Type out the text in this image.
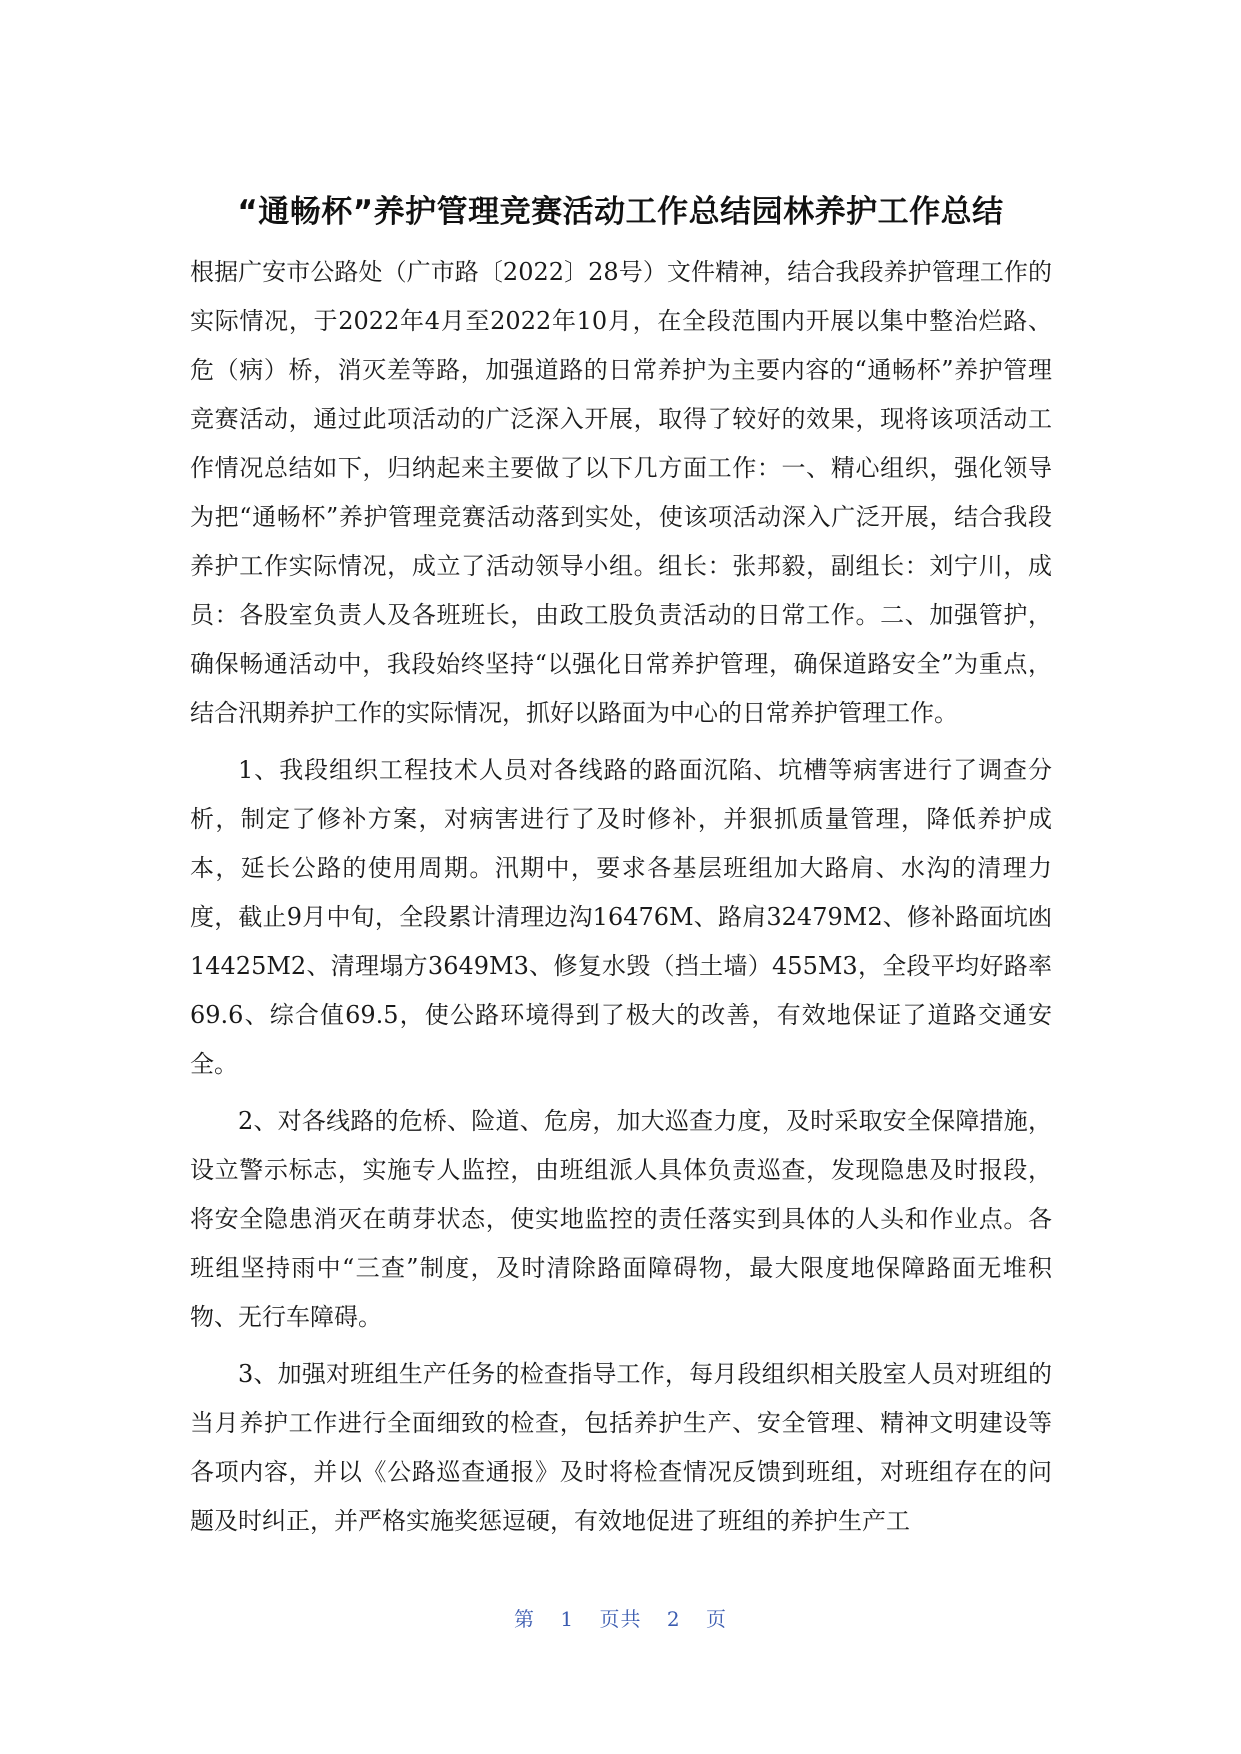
“通畅杯”养护管理竞赛活动工作总结园林养护工作总结

根据广安市公路处（广市路〔2022〕28号）文件精神，结合我段养护管理工作的实际情况，于2022年4月至2022年10月，在全段范围内开展以集中整治烂路、危（病）桥，消灭差等路，加强道路的日常养护为主要内容的“通畅杯”养护管理竞赛活动，通过此项活动的广泛深入开展，取得了较好的效果，现将该项活动工作情况总结如下，归纳起来主要做了以下几方面工作：一、精心组织，强化领导为把“通畅杯”养护管理竞赛活动落到实处，使该项活动深入广泛开展，结合我段养护工作实际情况，成立了活动领导小组。组长：张邦毅，副组长：刘宁川，成员：各股室负责人及各班班长，由政工股负责活动的日常工作。二、加强管护，确保畅通活动中，我段始终坚持“以强化日常养护管理，确保道路安全”为重点，结合汛期养护工作的实际情况，抓好以路面为中心的日常养护管理工作。

1、我段组织工程技术人员对各线路的路面沉陷、坑槽等病害进行了调查分析，制定了修补方案，对病害进行了及时修补，并狠抓质量管理，降低养护成本，延长公路的使用周期。汛期中，要求各基层班组加大路肩、水沟的清理力度，截止9月中旬，全段累计清理边沟16476M、路肩32479M2、修补路面坑凼14425M2、清理塌方3649M3、修复水毁（挡土墙）455M3，全段平均好路率69.6、综合值69.5，使公路环境得到了极大的改善，有效地保证了道路交通安全。

2、对各线路的危桥、险道、危房，加大巡查力度，及时采取安全保障措施，设立警示标志，实施专人监控，由班组派人具体负责巡查，发现隐患及时报段，将安全隐患消灭在萌芽状态，使实地监控的责任落实到具体的人头和作业点。各班组坚持雨中“三查”制度，及时清除路面障碍物，最大限度地保障路面无堆积物、无行车障碍。

3、加强对班组生产任务的检查指导工作，每月段组织相关股室人员对班组的当月养护工作进行全面细致的检查，包括养护生产、安全管理、精神文明建设等各项内容，并以《公路巡查通报》及时将检查情况反馈到班组，对班组存在的问题及时纠正，并严格实施奖惩逗硬，有效地促进了班组的养护生产工

第 1 页共 2 页
